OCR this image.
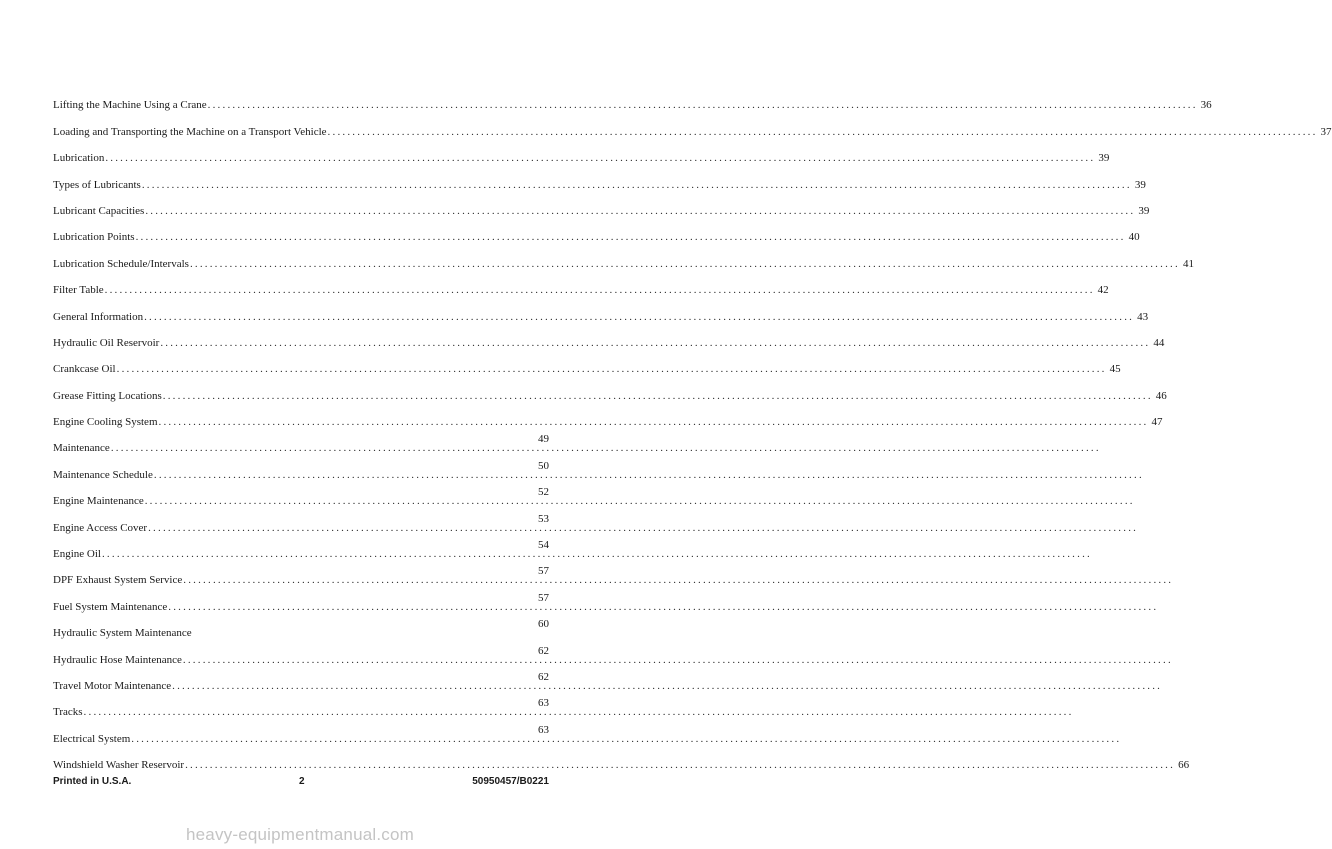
Lifting the Machine Using a Crane ........................................................................................................................................................................................................ 36
Loading and Transporting the Machine on a Transport Vehicle ........................................................................................................................................................................................................ 37
Lubrication ........................................................................................................................................................................................................ 39
Types of Lubricants ........................................................................................................................................................................................................ 39
Lubricant Capacities ........................................................................................................................................................................................................ 39
Lubrication Points ........................................................................................................................................................................................................ 40
Lubrication Schedule/Intervals ........................................................................................................................................................................................................ 41
Filter Table ........................................................................................................................................................................................................ 42
General Information ........................................................................................................................................................................................................ 43
Hydraulic Oil Reservoir ........................................................................................................................................................................................................ 44
Crankcase Oil ........................................................................................................................................................................................................ 45
Grease Fitting Locations ........................................................................................................................................................................................................ 46
Engine Cooling System ........................................................................................................................................................................................................ 47
Maintenance ........................................................................................................................................................................................................
49
Maintenance Schedule ........................................................................................................................................................................................................
50
Engine Maintenance ........................................................................................................................................................................................................
52
Engine Access Cover ........................................................................................................................................................................................................
53
Engine Oil ........................................................................................................................................................................................................
54
DPF Exhaust System Service ........................................................................................................................................................................................................
57
Fuel System Maintenance ........................................................................................................................................................................................................
57
Hydraulic System Maintenance
60
Hydraulic Hose Maintenance ........................................................................................................................................................................................................
62
Travel Motor Maintenance ........................................................................................................................................................................................................
62
Tracks ........................................................................................................................................................................................................
63
Electrical System ........................................................................................................................................................................................................
63
Windshield Washer Reservoir ........................................................................................................................................................................................................ 66
Printed in U.S.A.	2	50950457/B0221
heavy-equipmentmanual.com
